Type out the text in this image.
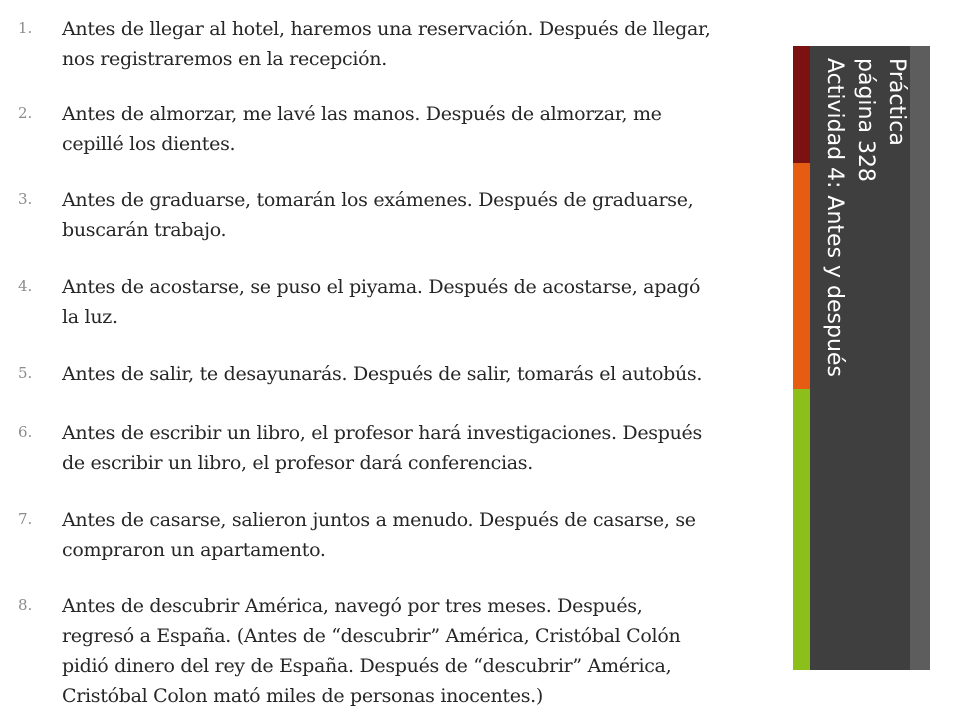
1.	Antes de llegar al hotel, haremos una reservación. Después de llegar,
nos registraremos en la recepción.
2.	Antes de almorzar, me lavé las manos. Después de almorzar, me
cepillé los dientes.
3.	Antes de graduarse, tomarán los exámenes. Después de graduarse,
buscarán trabajo.
4.	Antes de acostarse, se puso el piyama. Después de acostarse, apagó
la luz.
5.	Antes de salir, te desayunarás. Después de salir, tomarás el autobús.
6.	Antes de escribir un libro, el profesor hará investigaciones. Después
de escribir un libro, el profesor dará conferencias.
7.	Antes de casarse, salieron juntos a menudo. Después de casarse, se
compraron un apartamento.
8.	Antes de descubrir América, navegó por tres meses. Después,
regresó a España. (Antes de “descubrir” América, Cristóbal Colón
pidió dinero del rey de España. Después de “descubrir” América,
Cristóbal Colon mató miles de personas inocentes.)
Práctica
página 328
Actividad 4: Antes y después
